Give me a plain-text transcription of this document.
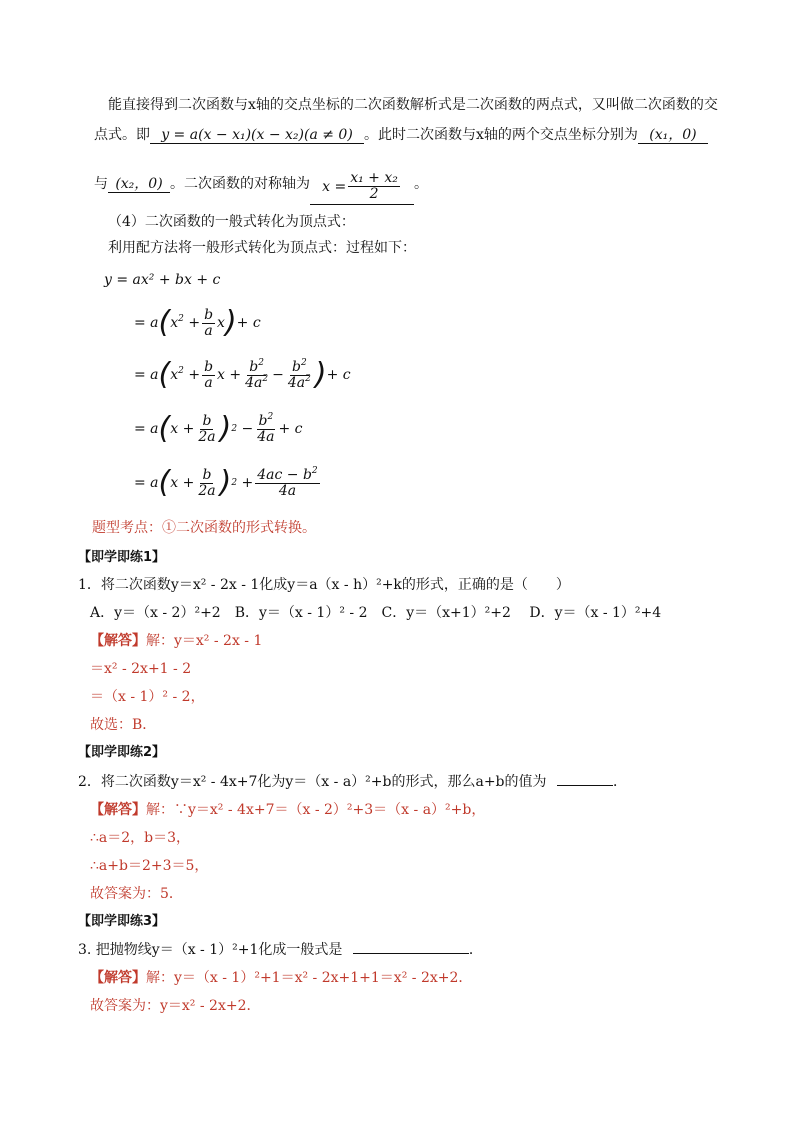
能直接得到二次函数与x轴的交点坐标的二次函数解析式是二次函数的两点式，又叫做二次函数的交
点式。即 y = a(x − x₁)(x − x₂)(a ≠ 0) 。此时二次函数与x轴的两个交点坐标分别为 (x₁，0)
与 (x₂，0) 。二次函数的对称轴为 $x = \frac{\text{x₁ + x₂}}{2}$ 。
（4）二次函数的一般式转化为顶点式：
利用配方法将一般形式转化为顶点式：过程如下：
y = ax² + bx + c
= a ( $x^2 + \frac{b}{a}$ x ) + c
= a ( $x^2 + \frac{b}{a}$ $x + \frac{b^2}{4a^2} - \frac{b^2}{4a^2}$ ) + c
= a ( $x + \frac{b}{2a}$ ) $2 - \frac{b^2}{4a} + c$
= a ( $x + \frac{b}{2a}$ ) $2 + \frac{4ac - b^2}{4a}$
题型考点：①二次函数的形式转换。
【即学即练1】
1．将二次函数y＝x² - 2x - 1化成y＝a（x - h）²+k的形式，正确的是（　　）
A．y＝（x - 2）²+2　B．y＝（x - 1）² - 2　C．y＝（x+1）²+2　 D．y＝（x - 1）²+4
【解答】解：y＝x² - 2x - 1
＝x² - 2x+1 - 2
＝（x - 1）² - 2，
故选：B．
【即学即练2】
2．将二次函数y＝x² - 4x+7化为y＝（x - a）²+b的形式，那么a+b的值为	．
【解答】解：∵y＝x² - 4x+7＝（x - 2）²+3＝（x - a）²+b，
∴a＝2，b＝3，
∴a+b＝2+3＝5，
故答案为：5．
【即学即练3】
3. 把抛物线y＝（x - 1）²+1化成一般式是	．
【解答】解：y＝（x - 1）²+1＝x² - 2x+1+1＝x² - 2x+2．
故答案为：y＝x² - 2x+2．
